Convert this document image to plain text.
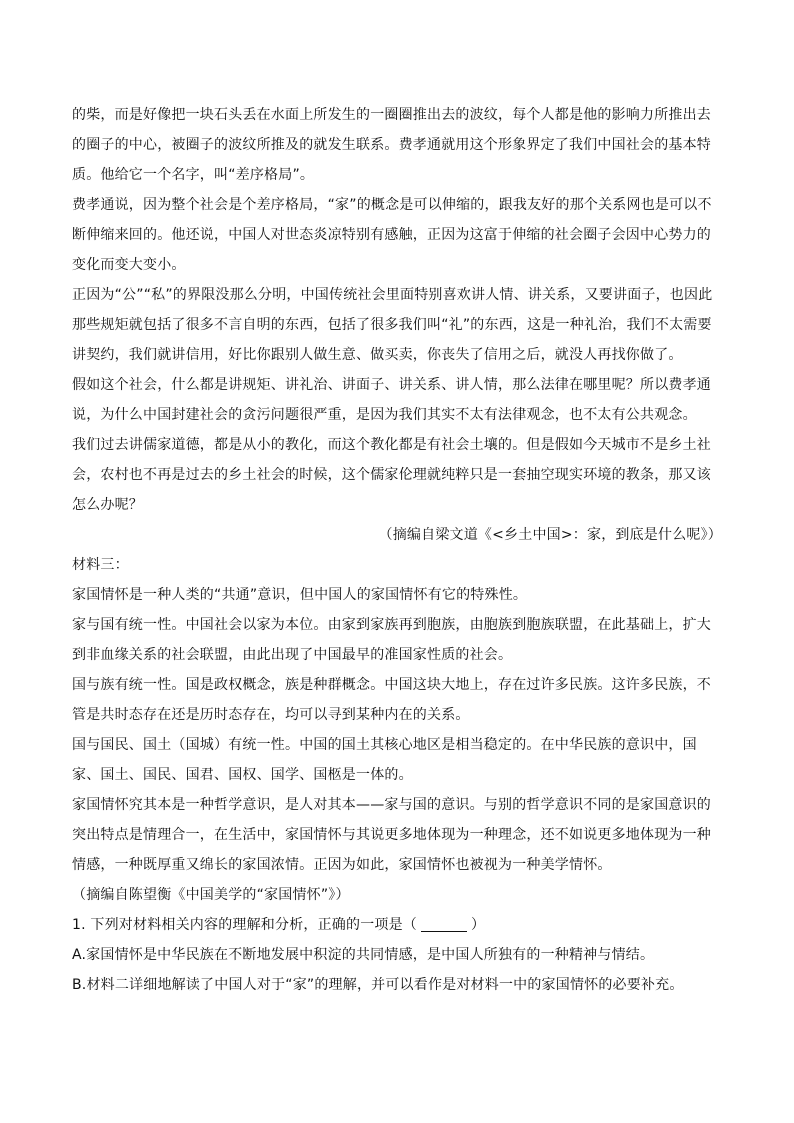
的柴，而是好像把一块石头丢在水面上所发生的一圈圈推出去的波纹，每个人都是他的影响力所推出去的圈子的中心，被圈子的波纹所推及的就发生联系。费孝通就用这个形象界定了我们中国社会的基本特质。他给它一个名字，叫“差序格局”。

费孝通说，因为整个社会是个差序格局，“家”的概念是可以伸缩的，跟我友好的那个关系网也是可以不断伸缩来回的。他还说，中国人对世态炎凉特别有感触，正因为这富于伸缩的社会圈子会因中心势力的变化而变大变小。

正因为“公”“私”的界限没那么分明，中国传统社会里面特别喜欢讲人情、讲关系，又要讲面子，也因此那些规矩就包括了很多不言自明的东西，包括了很多我们叫“礼”的东西，这是一种礼治，我们不太需要讲契约，我们就讲信用，好比你跟别人做生意、做买卖，你丧失了信用之后，就没人再找你做了。

假如这个社会，什么都是讲规矩、讲礼治、讲面子、讲关系、讲人情，那么法律在哪里呢？所以费孝通说，为什么中国封建社会的贪污问题很严重，是因为我们其实不太有法律观念，也不太有公共观念。

我们过去讲儒家道德，都是从小的教化，而这个教化都是有社会土壤的。但是假如今天城市不是乡土社会，农村也不再是过去的乡土社会的时候，这个儒家伦理就纯粹只是一套抽空现实环境的教条，那又该怎么办呢？

（摘编自梁文道《<乡土中国>：家，到底是什么呢》）

材料三：

家国情怀是一种人类的“共通”意识，但中国人的家国情怀有它的特殊性。

家与国有统一性。中国社会以家为本位。由家到家族再到胞族，由胞族到胞族联盟，在此基础上，扩大到非血缘关系的社会联盟，由此出现了中国最早的准国家性质的社会。

国与族有统一性。国是政权概念，族是种群概念。中国这块大地上，存在过许多民族。这许多民族，不管是共时态存在还是历时态存在，均可以寻到某种内在的关系。

国与国民、国土（国城）有统一性。中国的国土其核心地区是相当稳定的。在中华民族的意识中，国家、国土、国民、国君、国权、国学、国柩是一体的。

家国情怀究其本是一种哲学意识，是人对其本——家与国的意识。与别的哲学意识不同的是家国意识的突出特点是情理合一，在生活中，家国情怀与其说更多地体现为一种理念，还不如说更多地体现为一种情感，一种既厚重又绵长的家国浓情。正因为如此，家国情怀也被视为一种美学情怀。

（摘编自陈望衡《中国美学的“家国情怀”》）

1. 下列对材料相关内容的理解和分析，正确的一项是（	）

A.家国情怀是中华民族在不断地发展中积淀的共同情感，是中国人所独有的一种精神与情结。

B.材料二详细地解读了中国人对于“家”的理解，并可以看作是对材料一中的家国情怀的必要补充。
